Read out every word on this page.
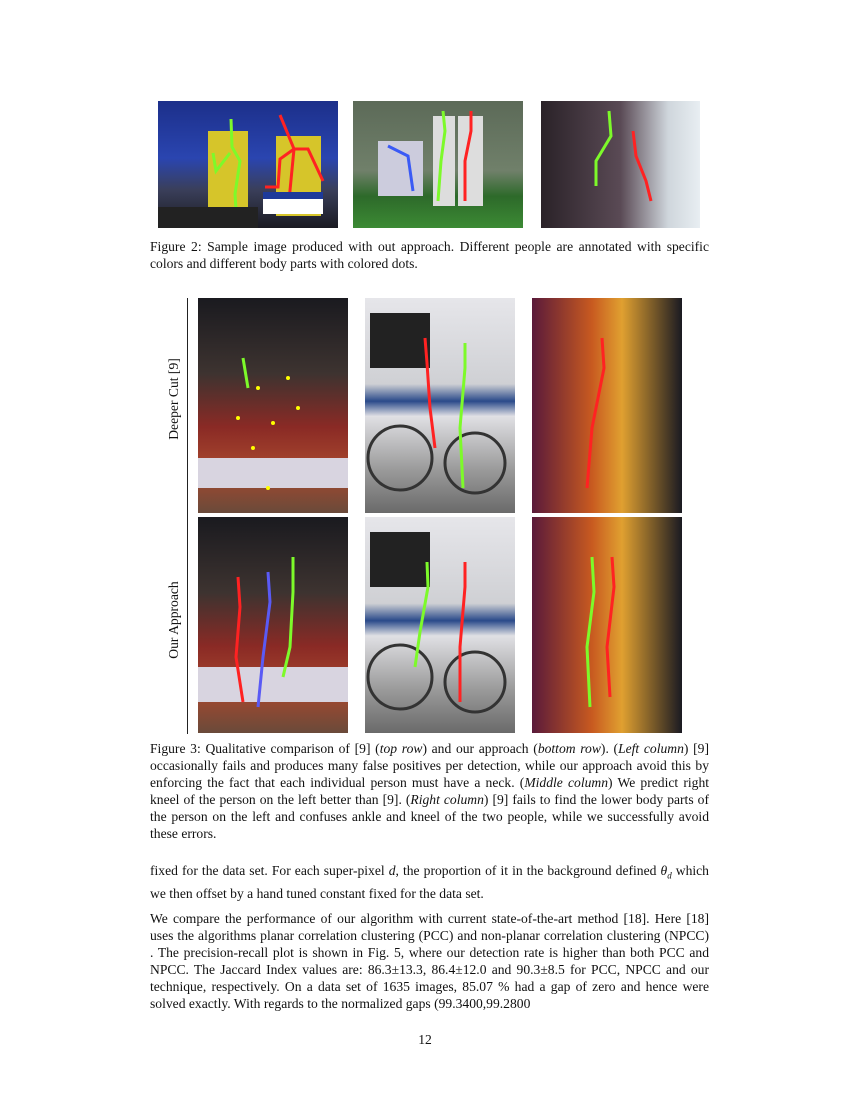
Figure 2: Sample image produced with out approach. Different people are annotated with specific colors and different body parts with colored dots.
Deeper Cut [9]
Our Approach
Figure 3: Qualitative comparison of [9] (top row) and our approach (bottom row). (Left column) [9] occasionally fails and produces many false positives per detection, while our approach avoid this by enforcing the fact that each individual person must have a neck. (Middle column) We predict right kneel of the person on the left better than [9]. (Right column) [9] fails to find the lower body parts of the person on the left and confuses ankle and kneel of the two people, while we successfully avoid these errors.

fixed for the data set. For each super-pixel d, the proportion of it in the background defined $\theta_d$ which we then offset by a hand tuned constant fixed for the data set.

We compare the performance of our algorithm with current state-of-the-art method [18]. Here [18] uses the algorithms planar correlation clustering (PCC) and non-planar correlation clustering (NPCC) . The precision-recall plot is shown in Fig. 5, where our detection rate is higher than both PCC and NPCC. The Jaccard Index values are: 86.3±13.3, 86.4±12.0 and 90.3±8.5 for PCC, NPCC and our technique, respectively. On a data set of 1635 images, 85.07 % had a gap of zero and hence were solved exactly. With regards to the normalized gaps (99.3400,99.2800

12
